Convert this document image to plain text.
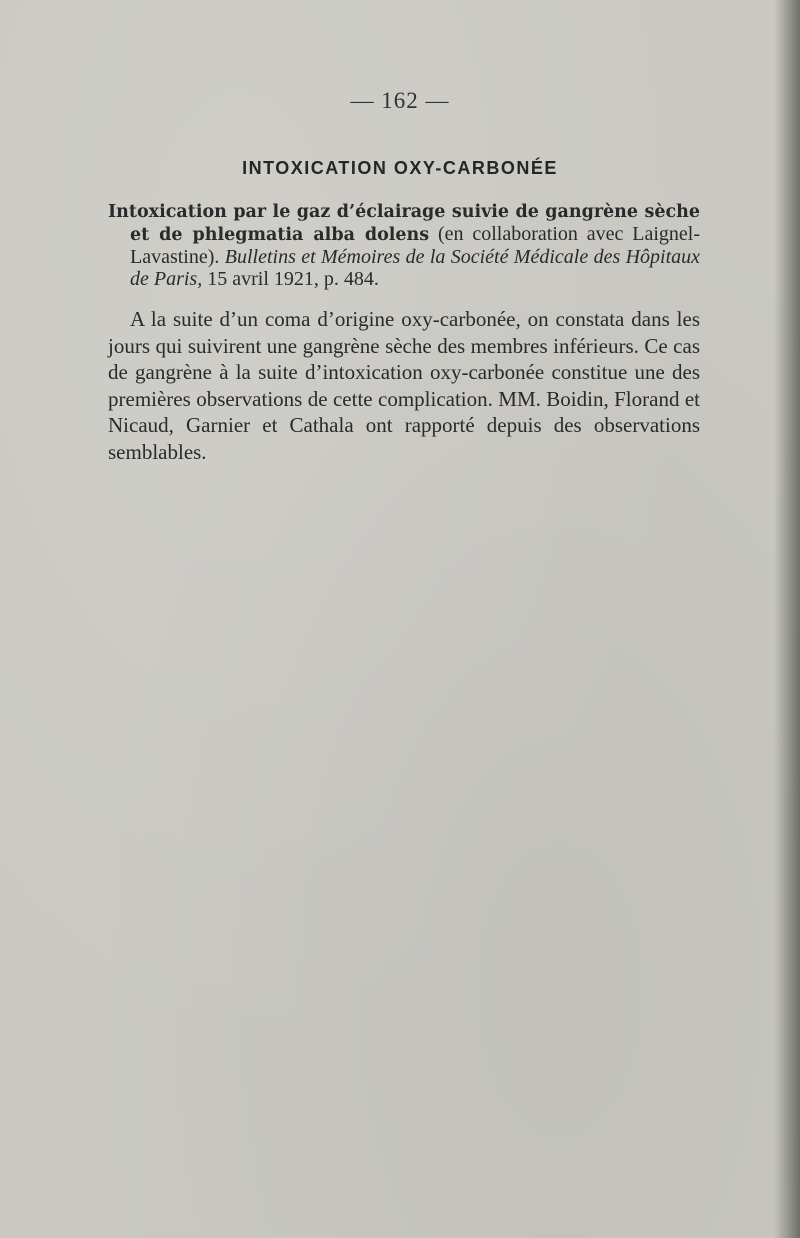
— 162 —
INTOXICATION OXY-CARBONÉE

Intoxication par le gaz d’éclairage suivie de gangrène sèche et de phlegmatia alba dolens (en collaboration avec Laignel-Lavastine). Bulletins et Mémoires de la Société Médicale des Hôpitaux de Paris, 15 avril 1921, p. 484.

A la suite d’un coma d’origine oxy-carbonée, on constata dans les jours qui suivirent une gangrène sèche des membres inférieurs. Ce cas de gangrène à la suite d’intoxication oxy-carbonée constitue une des premières observations de cette complication. MM. Boidin, Florand et Nicaud, Garnier et Cathala ont rapporté depuis des observations semblables.
